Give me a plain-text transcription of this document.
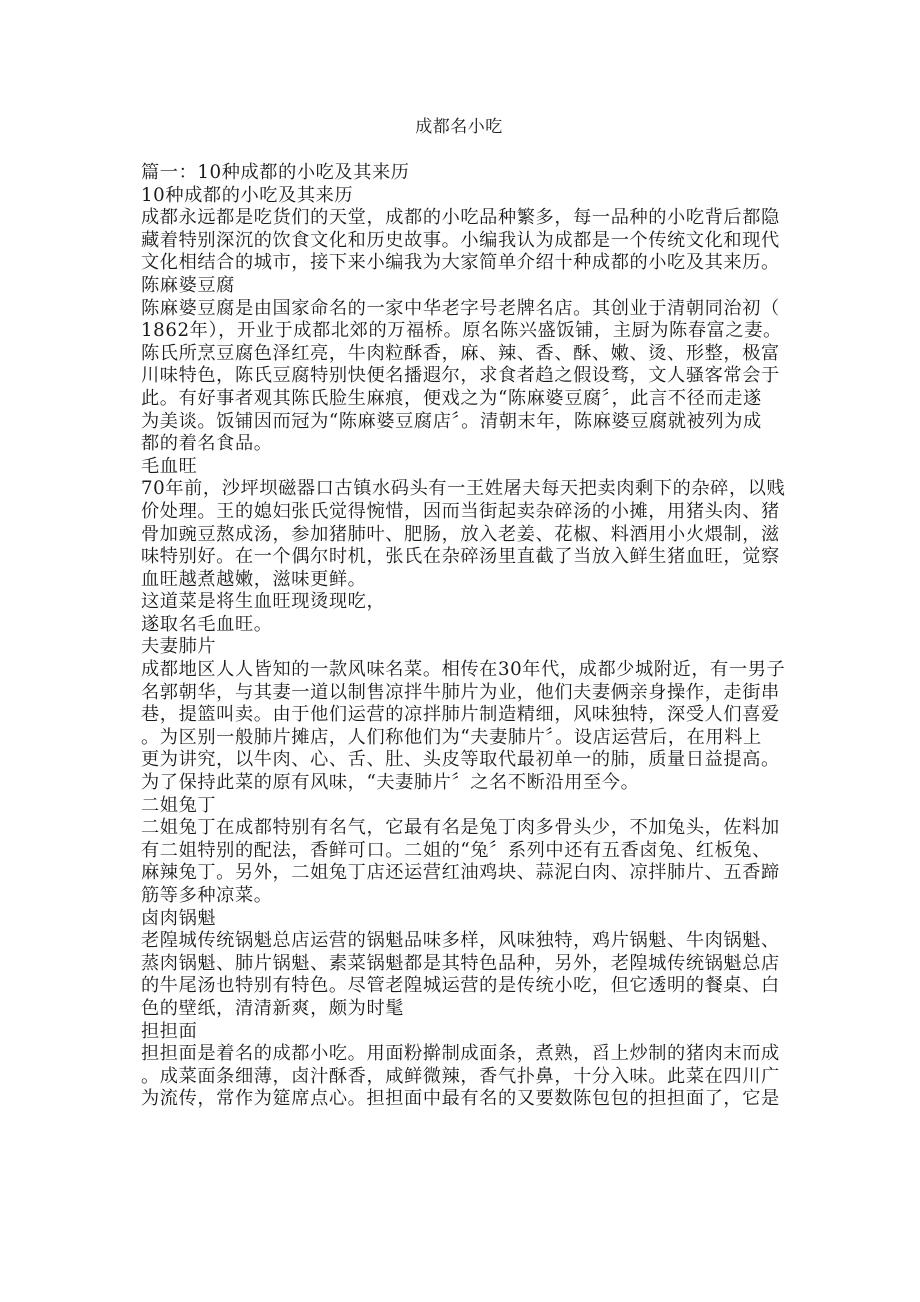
成都名小吃
篇一：10种成都的小吃及其来历
10种成都的小吃及其来历
成都永远都是吃货们的天堂，成都的小吃品种繁多，每一品种的小吃背后都隐
藏着特别深沉的饮食文化和历史故事。小编我认为成都是一个传统文化和现代
文化相结合的城市，接下来小编我为大家简单介绍十种成都的小吃及其来历。
陈麻婆豆腐
陈麻婆豆腐是由国家命名的一家中华老字号老牌名店。其创业于清朝同治初（
1862年），开业于成都北郊的万福桥。原名陈兴盛饭铺，主厨为陈春富之妻。
陈氏所烹豆腐色泽红亮，牛肉粒酥香，麻、辣、香、酥、嫩、烫、形整，极富
川味特色，陈氏豆腐特别快便名播遐尔，求食者趋之假设骛，文人骚客常会于
此。有好事者观其陈氏脸生麻痕，便戏之为“陈麻婆豆腐〞，此言不径而走遂
为美谈。饭铺因而冠为“陈麻婆豆腐店〞。清朝末年，陈麻婆豆腐就被列为成
都的着名食品。
毛血旺
70年前，沙坪坝磁器口古镇水码头有一王姓屠夫每天把卖肉剩下的杂碎，以贱
价处理。王的媳妇张氏觉得惋惜，因而当街起卖杂碎汤的小摊，用猪头肉、猪
骨加豌豆熬成汤，参加猪肺叶、肥肠，放入老姜、花椒、料酒用小火煨制，滋
味特别好。在一个偶尔时机，张氏在杂碎汤里直截了当放入鲜生猪血旺，觉察
血旺越煮越嫩，滋味更鲜。
这道菜是将生血旺现烫现吃，
遂取名毛血旺。
夫妻肺片
成都地区人人皆知的一款风味名菜。相传在30年代，成都少城附近，有一男子
名郭朝华，与其妻一道以制售凉拌牛肺片为业，他们夫妻俩亲身操作，走街串
巷，提篮叫卖。由于他们运营的凉拌肺片制造精细，风味独特，深受人们喜爱
。为区别一般肺片摊店，人们称他们为“夫妻肺片〞。设店运营后，在用料上
更为讲究，以牛肉、心、舌、肚、头皮等取代最初单一的肺，质量日益提高。
为了保持此菜的原有风味，“夫妻肺片〞之名不断沿用至今。
二姐兔丁
二姐兔丁在成都特别有名气，它最有名是兔丁肉多骨头少，不加兔头，佐料加
有二姐特别的配法，香鲜可口。二姐的“兔〞系列中还有五香卤兔、红板兔、
麻辣兔丁。另外，二姐兔丁店还运营红油鸡块、蒜泥白肉、凉拌肺片、五香蹄
筋等多种凉菜。
卤肉锅魁
老隍城传统锅魁总店运营的锅魁品味多样，风味独特，鸡片锅魁、牛肉锅魁、
蒸肉锅魁、肺片锅魁、素菜锅魁都是其特色品种，另外，老隍城传统锅魁总店
的牛尾汤也特别有特色。尽管老隍城运营的是传统小吃，但它透明的餐桌、白
色的壁纸，清清新爽，颇为时髦
担担面
担担面是着名的成都小吃。用面粉擀制成面条，煮熟，舀上炒制的猪肉末而成
。成菜面条细薄，卤汁酥香，咸鲜微辣，香气扑鼻，十分入味。此菜在四川广
为流传，常作为筵席点心。担担面中最有名的又要数陈包包的担担面了，它是
